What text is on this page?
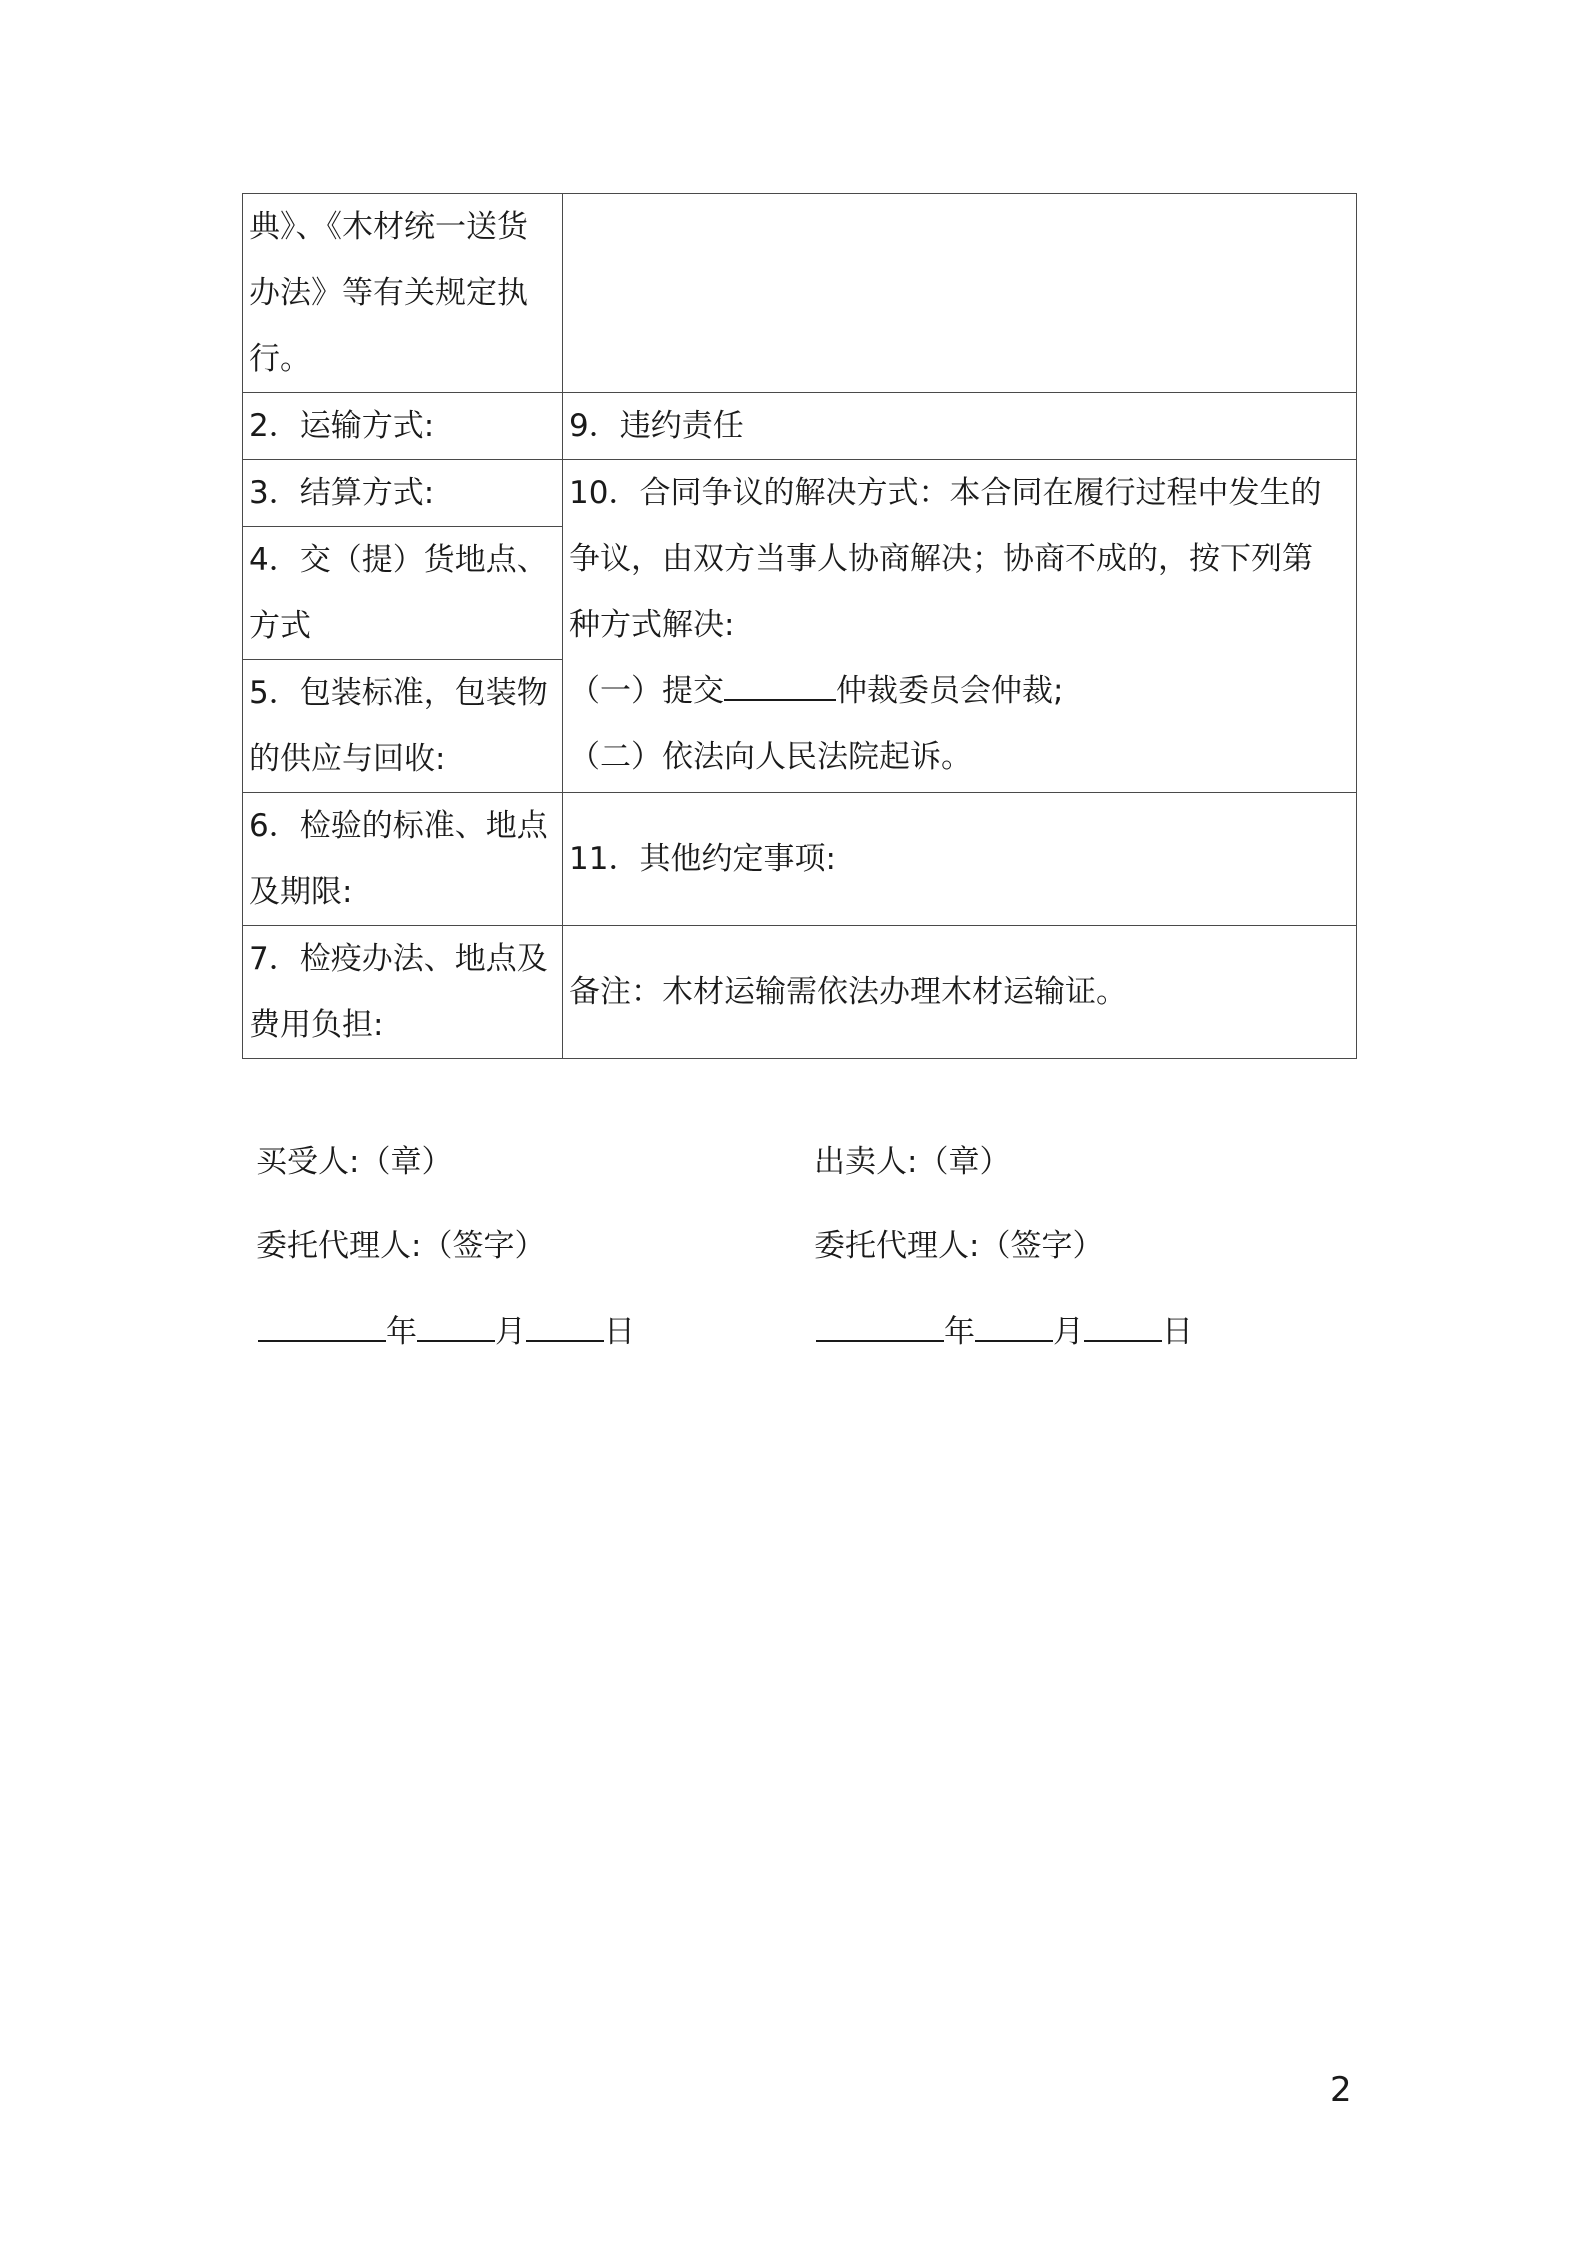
典》、《木材统一送货
办法》等有关规定执
行。	

2．运输方式:	9．违约责任

3．结算方式:	10．合同争议的解决方式：本合同在履行过程中发生的
争议，由双方当事人协商解决；协商不成的，按下列第
种方式解决:
（一）提交 仲裁委员会仲裁;
（二）依法向人民法院起诉。

4．交（提）货地点、
方式	

5．包装标准，包装物
的供应与回收:	

6．检验的标准、地点
及期限:	11．其他约定事项:

7．检疫办法、地点及
费用负担:	备注：木材运输需依法办理木材运输证。
买受人:（章）	出卖人:（章）
委托代理人:（签字）	委托代理人:（签字）
年	月	日	年	月	日
2
